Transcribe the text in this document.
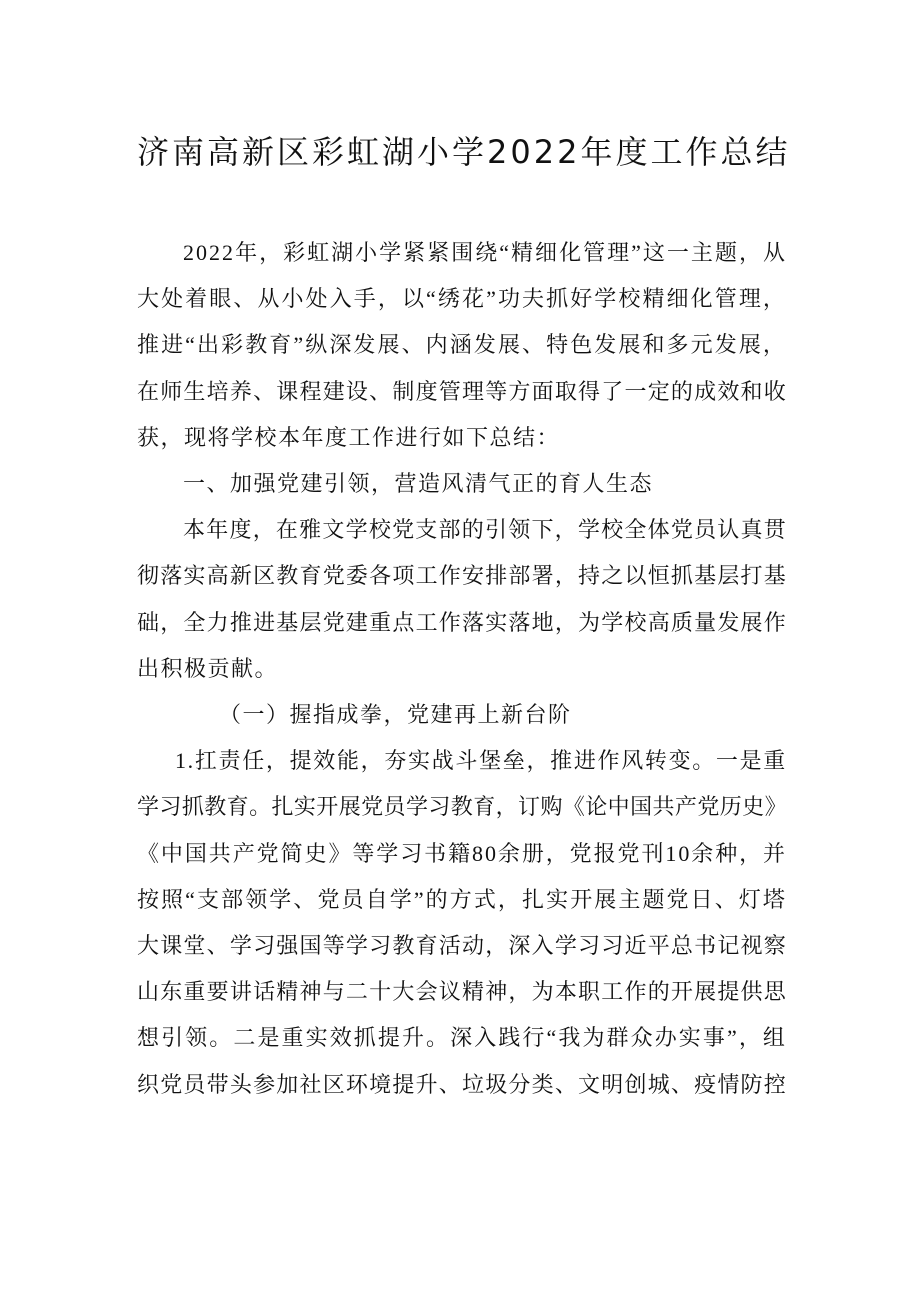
济南高新区彩虹湖小学2022年度工作总结
2022年，彩虹湖小学紧紧围绕“精细化管理”这一主题，从
大处着眼、从小处入手，以“绣花”功夫抓好学校精细化管理，
推进“出彩教育”纵深发展、内涵发展、特色发展和多元发展，
在师生培养、课程建设、制度管理等方面取得了一定的成效和收
获，现将学校本年度工作进行如下总结：
一、加强党建引领，营造风清气正的育人生态
本年度，在雅文学校党支部的引领下，学校全体党员认真贯
彻落实高新区教育党委各项工作安排部署，持之以恒抓基层打基
础，全力推进基层党建重点工作落实落地，为学校高质量发展作
出积极贡献。
（一）握指成拳，党建再上新台阶
1.扛责任，提效能，夯实战斗堡垒，推进作风转变。一是重
学习抓教育。扎实开展党员学习教育，订购《论中国共产党历史》
《中国共产党简史》等学习书籍80余册，党报党刊10余种，并
按照“支部领学、党员自学”的方式，扎实开展主题党日、灯塔
大课堂、学习强国等学习教育活动，深入学习习近平总书记视察
山东重要讲话精神与二十大会议精神，为本职工作的开展提供思
想引领。二是重实效抓提升。深入践行“我为群众办实事”，组
织党员带头参加社区环境提升、垃圾分类、文明创城、疫情防控
